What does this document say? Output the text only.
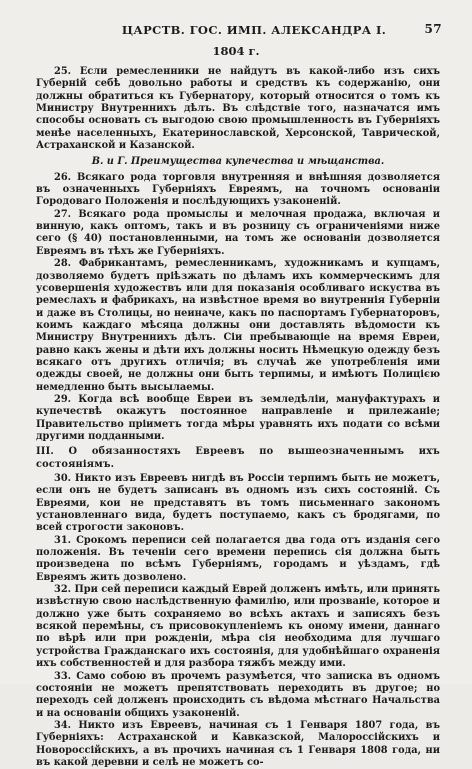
ЦАРСТВ. ГОС. ИМП. АЛЕКСАНДРА I.	57
1804 г.

25. Если ремесленники не найдутъ въ какой-либо изъ сихъ Губерній себѣ довольно работы и средствъ къ содержанію, они должны обратиться къ Губернатору, который относится о томъ къ Министру Внутреннихъ дѣлъ. Въ слѣдствіе того, назначатся имъ способы основать съ выгодою свою промышленность въ Губерніяхъ менѣе населенныхъ, Екатеринославской, Херсонской, Таврической, Астраханской и Казанской.

В. и Г. Преимущества купечества и мѣщанства.

26. Всякаго рода торговля внутренняя и внѣшняя дозволяется въ означенныхъ Губерніяхъ Евреямъ, на точномъ основаніи Городоваго Положенія и послѣдующихъ узаконеній.

27. Всякаго рода промыслы и мелочная продажа, включая и винную, какъ оптомъ, такъ и въ розницу съ ограниченіями ниже сего (§ 40) постановленными, на томъ же основаніи дозволяется Евреямъ въ тѣхъ же Губерніяхъ.

28. Фабрикантамъ, ремесленникамъ, художникамъ и купцамъ, дозволяемо будетъ пріѣзжать по дѣламъ ихъ коммерческимъ для усовершенія художествъ или для показанія особливаго искуства въ ремеслахъ и фабрикахъ, на извѣстное время во внутреннія Губерніи и даже въ Столицы, но неиначе, какъ по паспортамъ Губернаторовъ, коимъ каждаго мѣсяца должны они доставлять вѣдомости къ Министру Внутреннихъ дѣлъ. Сіи пребывающіе на время Евреи, равно какъ жены и дѣти ихъ должны носить Нѣмецкую одежду безъ всякаго отъ другихъ отличія; въ случаѣ же употребленія ими одежды своей, не должны они быть терпимы, и имѣютъ Полицією немедленно быть высылаемы.

29. Когда всѣ вообще Евреи въ земледѣліи, мануфактурахъ и купечествѣ окажутъ постоянное направленіе и прилежаніе; Правительство пріиметъ тогда мѣры уравнять ихъ подати со всѣми другими подданными.

III. О обязанностяхъ Евреевъ по вышеозначеннымъ ихъ состояніямъ.

30. Никто изъ Евреевъ нигдѣ въ Россіи терпимъ быть не можетъ, если онъ не будетъ записанъ въ одномъ изъ сихъ состояній. Съ Евреями, кои не представятъ въ томъ письменнаго закономъ установленнаго вида, будетъ поступаемо, какъ съ бродягами, по всей строгости законовъ.

31. Срокомъ переписи сей полагается два года отъ изданія сего положенія. Въ теченіи сего времени перепись сія должна быть произведена по всѣмъ Губерніямъ, городамъ и уѣздамъ, гдѣ Евреямъ жить дозволено.

32. При сей переписи каждый Еврей долженъ имѣть, или принять извѣстную свою наслѣдственную фамилію, или прозваніе, которое и должно уже быть сохраняемо во всѣхъ актахъ и записяхъ безъ всякой перемѣны, съ присовокупленіемъ къ оному имени, даннаго по вѣрѣ или при рожденіи, мѣра сія необходима для лучшаго устройства Гражданскаго ихъ состоянія, для удобнѣйшаго охраненія ихъ собственностей и для разбора тяжбъ между ими.

33. Само собою въ прочемъ разумѣется, что записка въ одномъ состояніи не можетъ препятствовать переходить въ другое; но переходъ сей долженъ происходить съ вѣдома мѣстнаго Начальства и на основаніи общихъ узаконеній.

34. Никто изъ Евреевъ, начиная съ 1 Генваря 1807 года, въ Губерніяхъ: Астраханской и Кавказской, Малороссійскихъ и Новороссійскихъ, а въ прочихъ начиная съ 1 Генваря 1808 года, ни въ какой деревни и селѣ не можетъ со-
